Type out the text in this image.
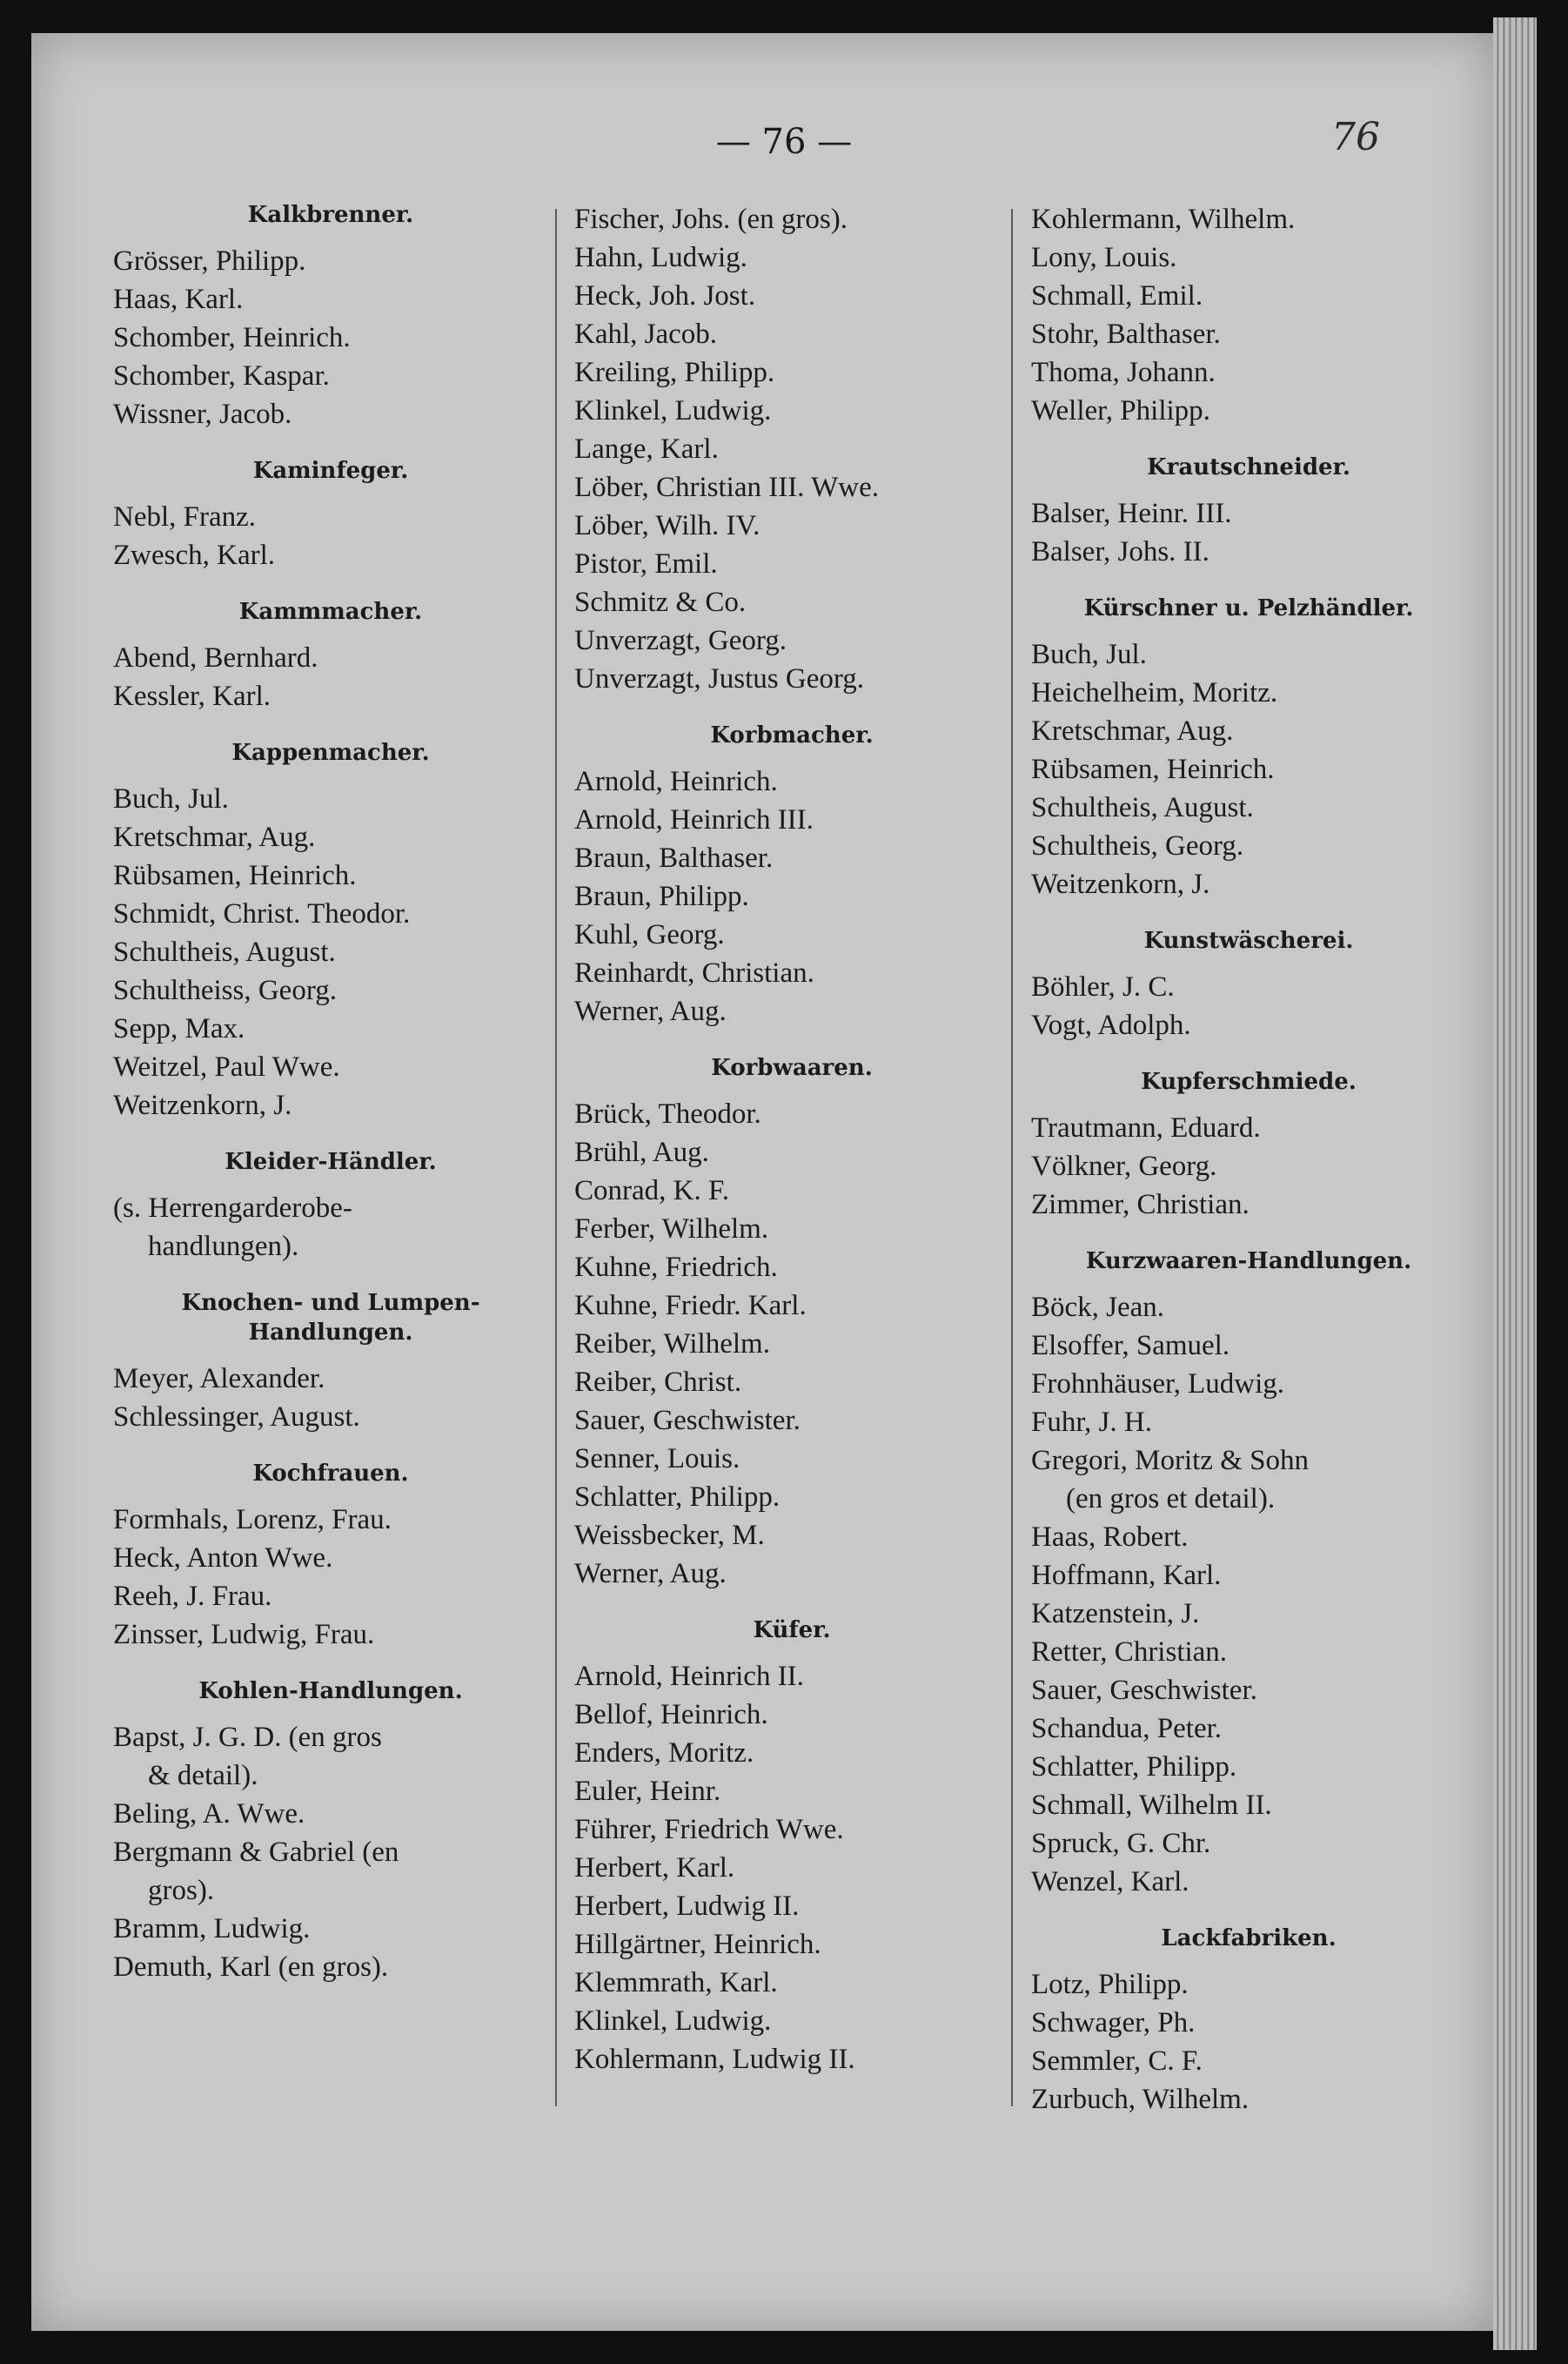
— 76 —	76
Kalkbrenner.
Grösser, Philipp.
Haas, Karl.
Schomber, Heinrich.
Schomber, Kaspar.
Wissner, Jacob.
Kaminfeger.
Nebl, Franz.
Zwesch, Karl.
Kammmacher.
Abend, Bernhard.
Kessler, Karl.
Kappenmacher.
Buch, Jul.
Kretschmar, Aug.
Rübsamen, Heinrich.
Schmidt, Christ. Theodor.
Schultheis, August.
Schultheiss, Georg.
Sepp, Max.
Weitzel, Paul Wwe.
Weitzenkorn, J.
Kleider-Händler.
(s. Herrengarderobe-
handlungen).
Knochen- und Lumpen-Handlungen.
Meyer, Alexander.
Schlessinger, August.
Kochfrauen.
Formhals, Lorenz, Frau.
Heck, Anton Wwe.
Reeh, J. Frau.
Zinsser, Ludwig, Frau.
Kohlen-Handlungen.
Bapst, J. G. D. (en gros
& detail).
Beling, A. Wwe.
Bergmann & Gabriel (en
gros).
Bramm, Ludwig.
Demuth, Karl (en gros).
Fischer, Johs. (en gros).
Hahn, Ludwig.
Heck, Joh. Jost.
Kahl, Jacob.
Kreiling, Philipp.
Klinkel, Ludwig.
Lange, Karl.
Löber, Christian III. Wwe.
Löber, Wilh. IV.
Pistor, Emil.
Schmitz & Co.
Unverzagt, Georg.
Unverzagt, Justus Georg.
Korbmacher.
Arnold, Heinrich.
Arnold, Heinrich III.
Braun, Balthaser.
Braun, Philipp.
Kuhl, Georg.
Reinhardt, Christian.
Werner, Aug.
Korbwaaren.
Brück, Theodor.
Brühl, Aug.
Conrad, K. F.
Ferber, Wilhelm.
Kuhne, Friedrich.
Kuhne, Friedr. Karl.
Reiber, Wilhelm.
Reiber, Christ.
Sauer, Geschwister.
Senner, Louis.
Schlatter, Philipp.
Weissbecker, M.
Werner, Aug.
Küfer.
Arnold, Heinrich II.
Bellof, Heinrich.
Enders, Moritz.
Euler, Heinr.
Führer, Friedrich Wwe.
Herbert, Karl.
Herbert, Ludwig II.
Hillgärtner, Heinrich.
Klemmrath, Karl.
Klinkel, Ludwig.
Kohlermann, Ludwig II.
Kohlermann, Wilhelm.
Lony, Louis.
Schmall, Emil.
Stohr, Balthaser.
Thoma, Johann.
Weller, Philipp.
Krautschneider.
Balser, Heinr. III.
Balser, Johs. II.
Kürschner u. Pelzhändler.
Buch, Jul.
Heichelheim, Moritz.
Kretschmar, Aug.
Rübsamen, Heinrich.
Schultheis, August.
Schultheis, Georg.
Weitzenkorn, J.
Kunstwäscherei.
Böhler, J. C.
Vogt, Adolph.
Kupferschmiede.
Trautmann, Eduard.
Völkner, Georg.
Zimmer, Christian.
Kurzwaaren-Handlungen.
Böck, Jean.
Elsoffer, Samuel.
Frohnhäuser, Ludwig.
Fuhr, J. H.
Gregori, Moritz & Sohn
(en gros et detail).
Haas, Robert.
Hoffmann, Karl.
Katzenstein, J.
Retter, Christian.
Sauer, Geschwister.
Schandua, Peter.
Schlatter, Philipp.
Schmall, Wilhelm II.
Spruck, G. Chr.
Wenzel, Karl.
Lackfabriken.
Lotz, Philipp.
Schwager, Ph.
Semmler, C. F.
Zurbuch, Wilhelm.
